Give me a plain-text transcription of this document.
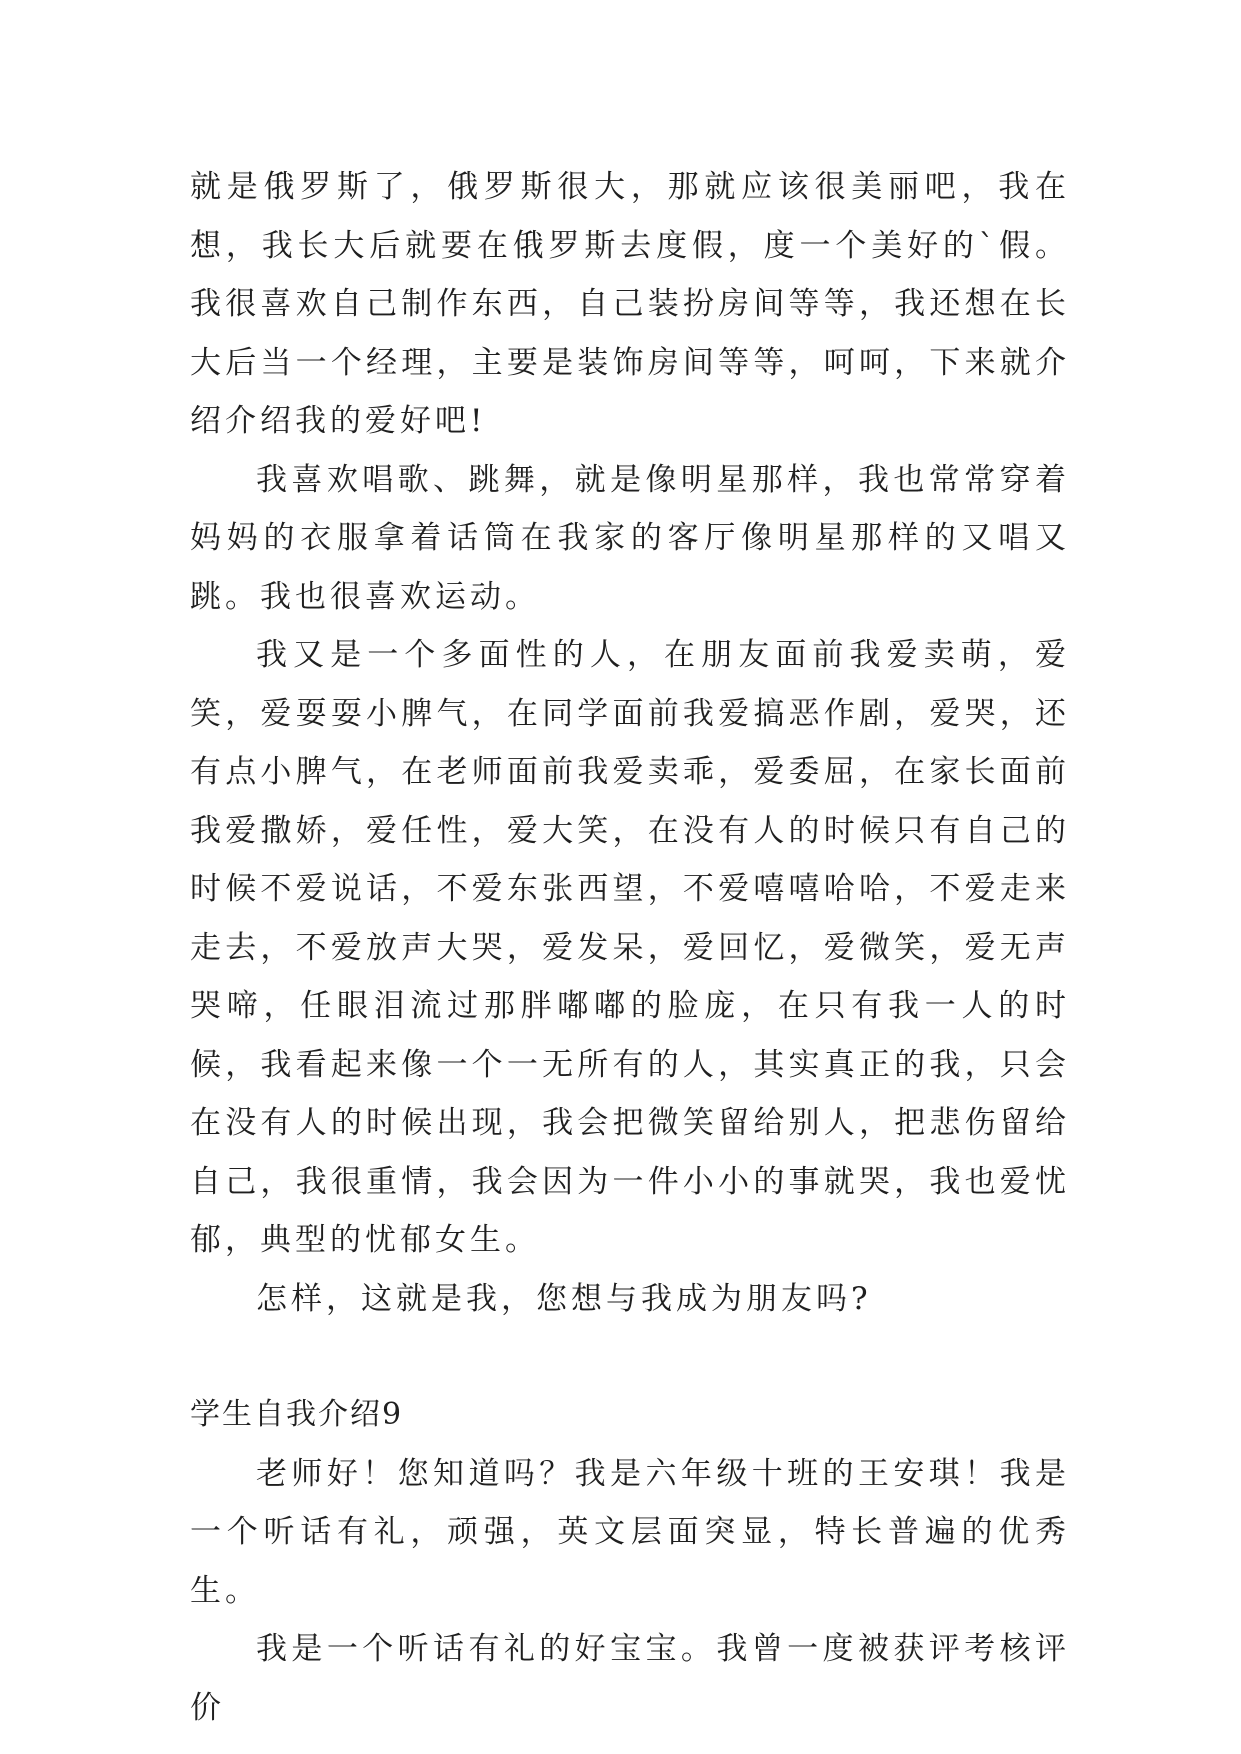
就是俄罗斯了，俄罗斯很大，那就应该很美丽吧，我在想，我长大后就要在俄罗斯去度假，度一个美好的`假。我很喜欢自己制作东西，自己装扮房间等等，我还想在长大后当一个经理，主要是装饰房间等等，呵呵，下来就介绍介绍我的爱好吧!

我喜欢唱歌、跳舞，就是像明星那样，我也常常穿着妈妈的衣服拿着话筒在我家的客厅像明星那样的又唱又跳。我也很喜欢运动。

我又是一个多面性的人，在朋友面前我爱卖萌，爱笑，爱耍耍小脾气，在同学面前我爱搞恶作剧，爱哭，还有点小脾气，在老师面前我爱卖乖，爱委屈，在家长面前我爱撒娇，爱任性，爱大笑，在没有人的时候只有自己的时候不爱说话，不爱东张西望，不爱嘻嘻哈哈，不爱走来走去，不爱放声大哭，爱发呆，爱回忆，爱微笑，爱无声哭啼，任眼泪流过那胖嘟嘟的脸庞，在只有我一人的时候，我看起来像一个一无所有的人，其实真正的我，只会在没有人的时候出现，我会把微笑留给别人，把悲伤留给自己，我很重情，我会因为一件小小的事就哭，我也爱忧郁，典型的忧郁女生。

怎样，这就是我，您想与我成为朋友吗?

学生自我介绍9

老师好！您知道吗？我是六年级十班的王安琪！我是一个听话有礼，顽强，英文层面突显，特长普遍的优秀生。

我是一个听话有礼的好宝宝。我曾一度被获评考核评价
